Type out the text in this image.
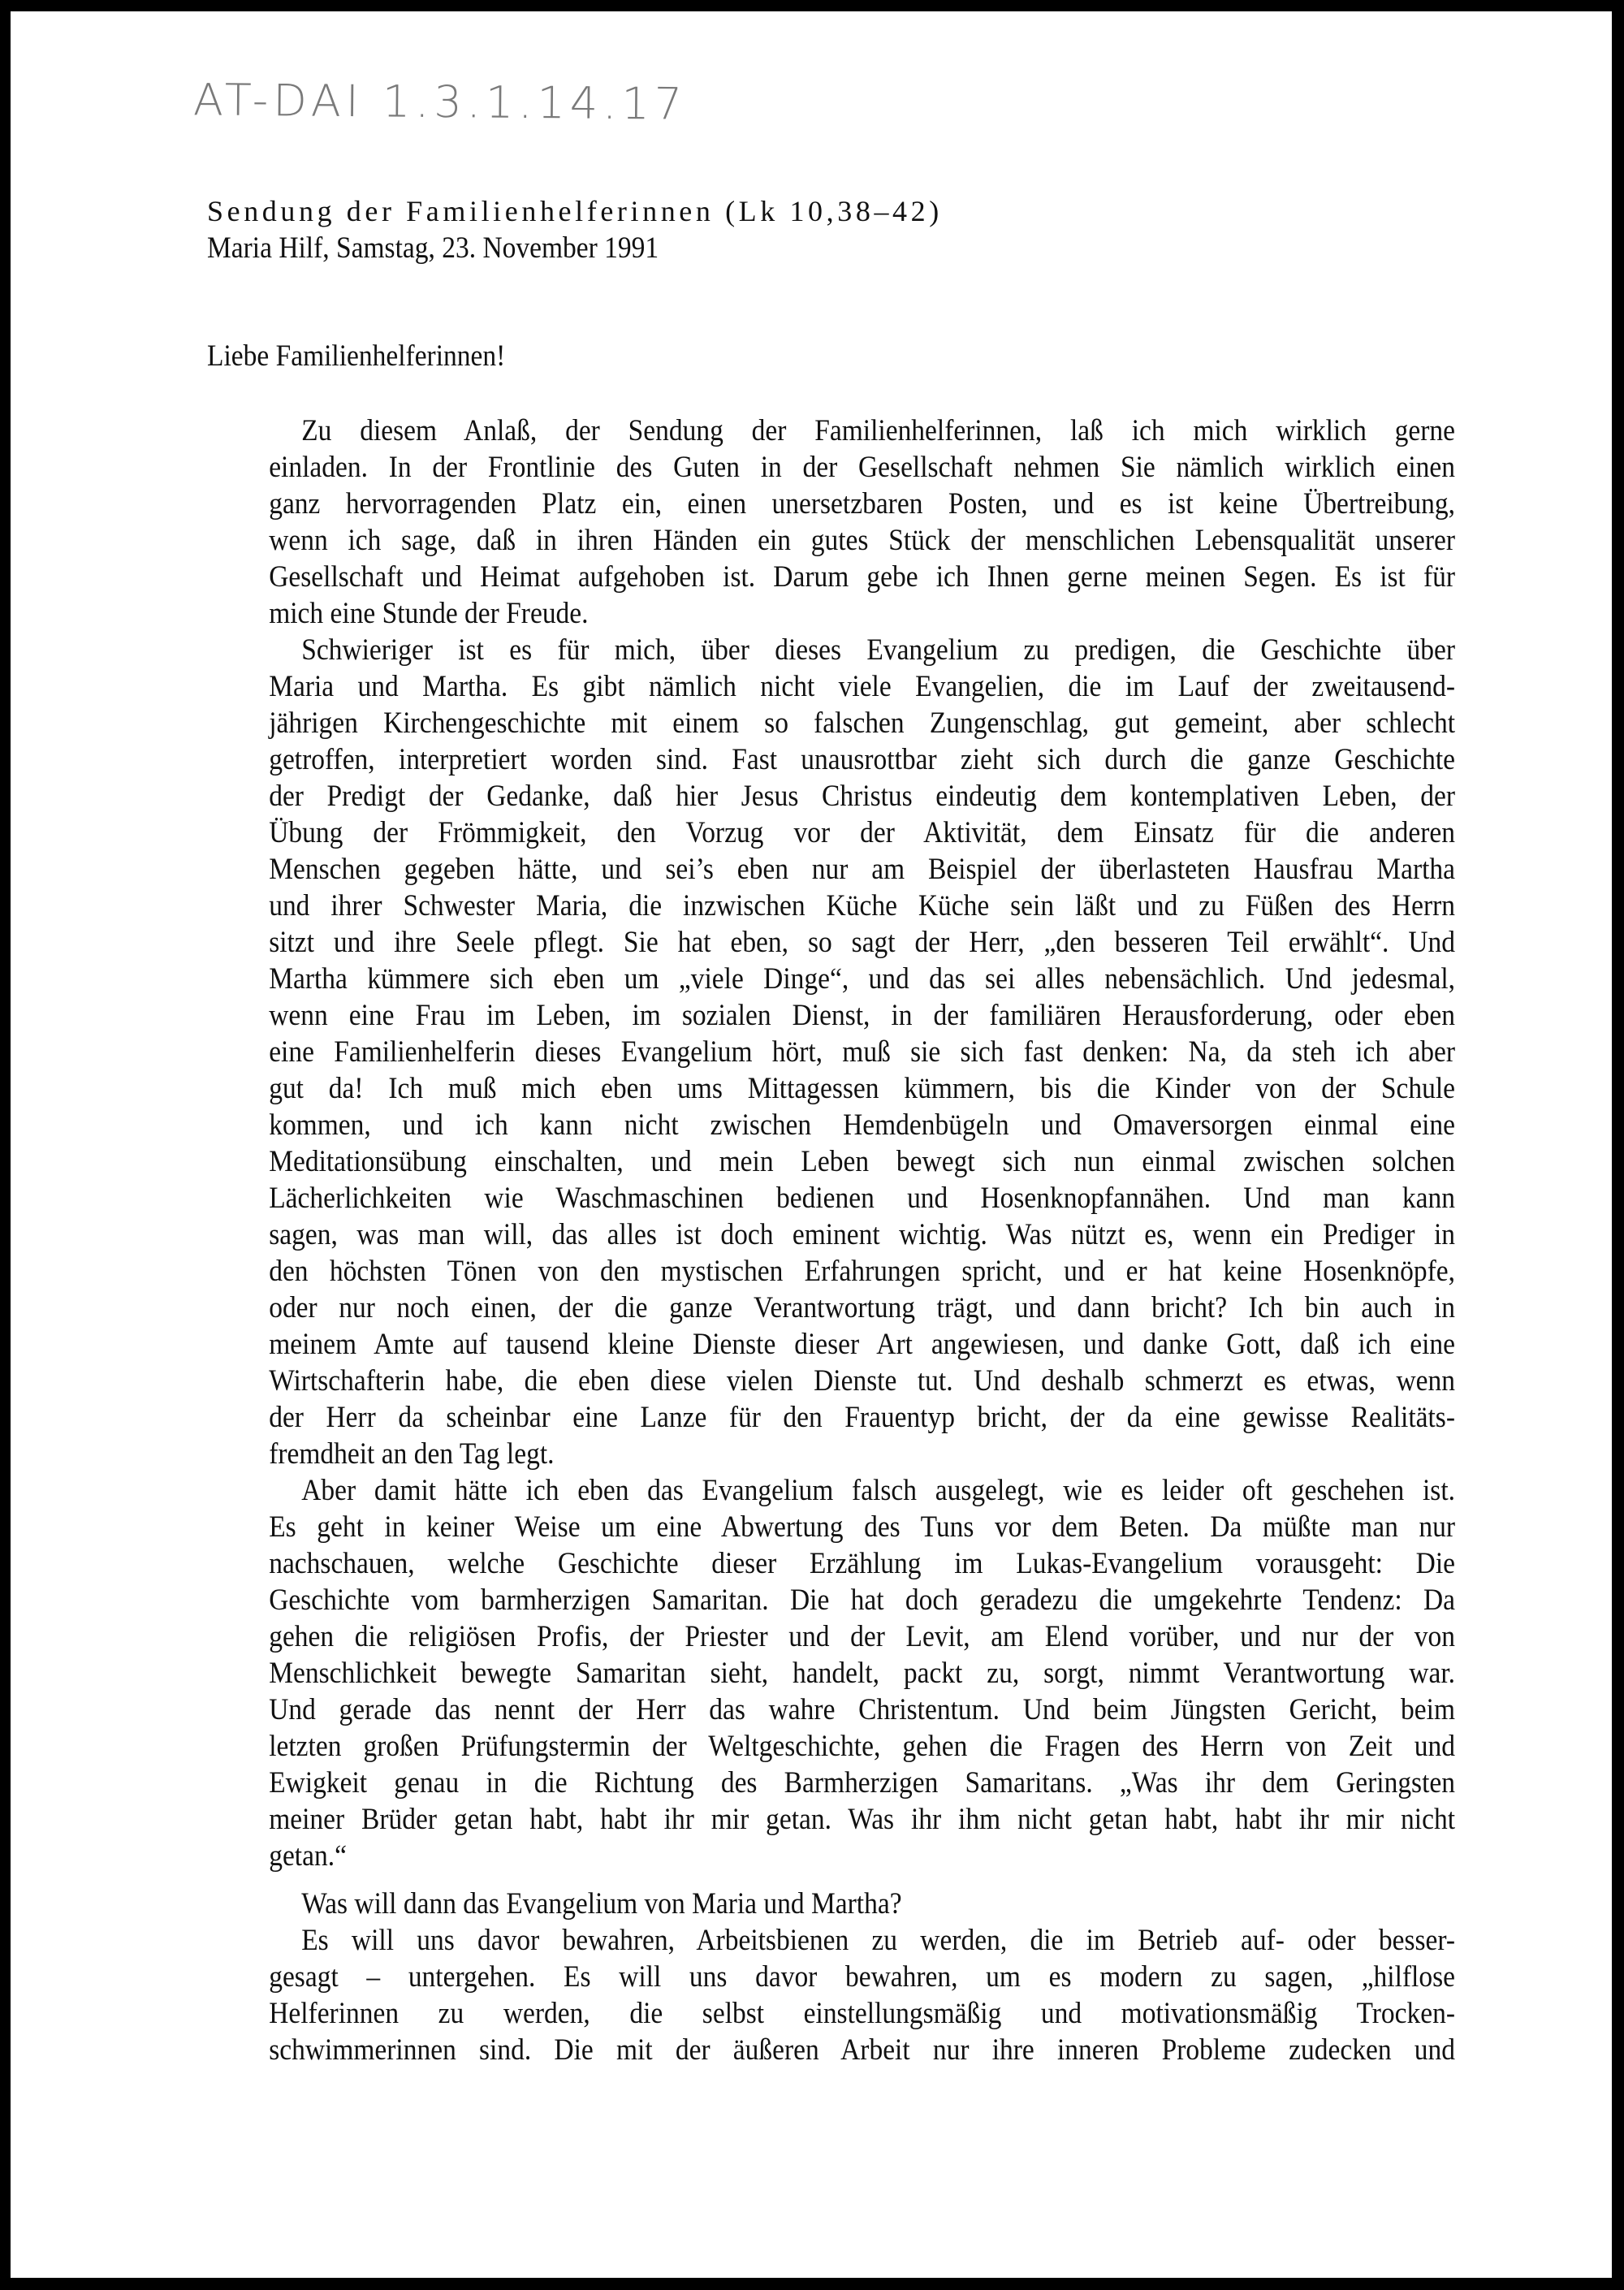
AT-DAI 1.3.1.14.17
Sendung der Familienhelferinnen (Lk 10,38–42)
Maria Hilf, Samstag, 23. November 1991
Liebe Familienhelferinnen!
Zu diesem Anlaß, der Sendung der Familienhelferinnen, laß ich mich wirklich gerne
einladen. In der Frontlinie des Guten in der Gesellschaft nehmen Sie nämlich wirklich einen
ganz hervorragenden Platz ein, einen unersetzbaren Posten, und es ist keine Übertreibung,
wenn ich sage, daß in ihren Händen ein gutes Stück der menschlichen Lebensqualität unserer
Gesellschaft und Heimat aufgehoben ist. Darum gebe ich Ihnen gerne meinen Segen. Es ist für
mich eine Stunde der Freude.
Schwieriger ist es für mich, über dieses Evangelium zu predigen, die Geschichte über
Maria und Martha. Es gibt nämlich nicht viele Evangelien, die im Lauf der zweitausend-
jährigen Kirchengeschichte mit einem so falschen Zungenschlag, gut gemeint, aber schlecht
getroffen, interpretiert worden sind. Fast unausrottbar zieht sich durch die ganze Geschichte
der Predigt der Gedanke, daß hier Jesus Christus eindeutig dem kontemplativen Leben, der
Übung der Frömmigkeit, den Vorzug vor der Aktivität, dem Einsatz für die anderen
Menschen gegeben hätte, und sei’s eben nur am Beispiel der überlasteten Hausfrau Martha
und ihrer Schwester Maria, die inzwischen Küche Küche sein läßt und zu Füßen des Herrn
sitzt und ihre Seele pflegt. Sie hat eben, so sagt der Herr, „den besseren Teil erwählt“. Und
Martha kümmere sich eben um „viele Dinge“, und das sei alles nebensächlich. Und jedesmal,
wenn eine Frau im Leben, im sozialen Dienst, in der familiären Herausforderung, oder eben
eine Familienhelferin dieses Evangelium hört, muß sie sich fast denken: Na, da steh ich aber
gut da! Ich muß mich eben ums Mittagessen kümmern, bis die Kinder von der Schule
kommen, und ich kann nicht zwischen Hemdenbügeln und Omaversorgen einmal eine
Meditationsübung einschalten, und mein Leben bewegt sich nun einmal zwischen solchen
Lächerlichkeiten wie Waschmaschinen bedienen und Hosenknopfannähen. Und man kann
sagen, was man will, das alles ist doch eminent wichtig. Was nützt es, wenn ein Prediger in
den höchsten Tönen von den mystischen Erfahrungen spricht, und er hat keine Hosenknöpfe,
oder nur noch einen, der die ganze Verantwortung trägt, und dann bricht? Ich bin auch in
meinem Amte auf tausend kleine Dienste dieser Art angewiesen, und danke Gott, daß ich eine
Wirtschafterin habe, die eben diese vielen Dienste tut. Und deshalb schmerzt es etwas, wenn
der Herr da scheinbar eine Lanze für den Frauentyp bricht, der da eine gewisse Realitäts-
fremdheit an den Tag legt.
Aber damit hätte ich eben das Evangelium falsch ausgelegt, wie es leider oft geschehen ist.
Es geht in keiner Weise um eine Abwertung des Tuns vor dem Beten. Da müßte man nur
nachschauen, welche Geschichte dieser Erzählung im Lukas-Evangelium vorausgeht: Die
Geschichte vom barmherzigen Samaritan. Die hat doch geradezu die umgekehrte Tendenz: Da
gehen die religiösen Profis, der Priester und der Levit, am Elend vorüber, und nur der von
Menschlichkeit bewegte Samaritan sieht, handelt, packt zu, sorgt, nimmt Verantwortung war.
Und gerade das nennt der Herr das wahre Christentum. Und beim Jüngsten Gericht, beim
letzten großen Prüfungstermin der Weltgeschichte, gehen die Fragen des Herrn von Zeit und
Ewigkeit genau in die Richtung des Barmherzigen Samaritans. „Was ihr dem Geringsten
meiner Brüder getan habt, habt ihr mir getan. Was ihr ihm nicht getan habt, habt ihr mir nicht
getan.“
Was will dann das Evangelium von Maria und Martha?
Es will uns davor bewahren, Arbeitsbienen zu werden, die im Betrieb auf- oder besser-
gesagt – untergehen. Es will uns davor bewahren, um es modern zu sagen, „hilflose
Helferinnen zu werden, die selbst einstellungsmäßig und motivationsmäßig Trocken-
schwimmerinnen sind. Die mit der äußeren Arbeit nur ihre inneren Probleme zudecken und
